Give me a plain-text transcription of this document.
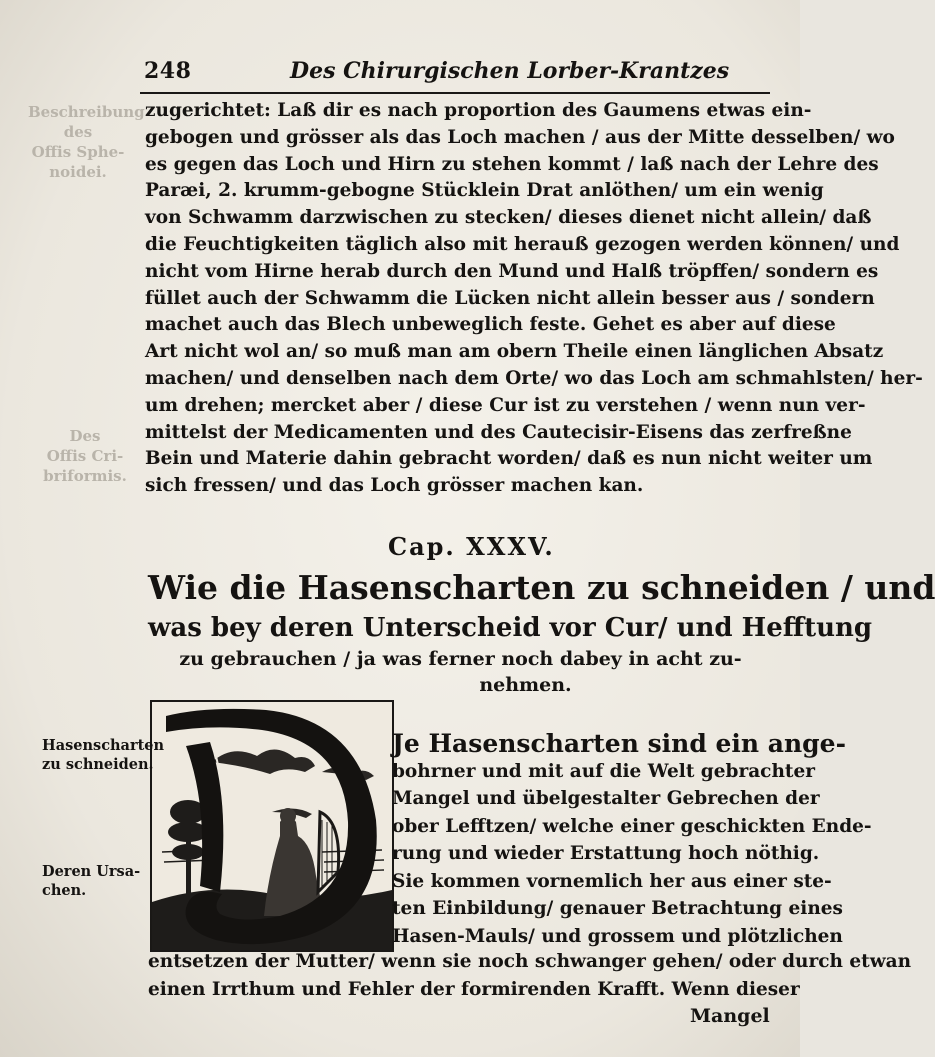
248	Des Chirurgischen Lorber-Krantzes
Beschreibung
des
Offis Sphe-
noidei.
Des
Offis Cri-
briformis.
zugerichtet: Laß dir es nach proportion des Gaumens etwas ein-
gebogen und grösser als das Loch machen / aus der Mitte desselben/ wo
es gegen das Loch und Hirn zu stehen kommt / laß nach der Lehre des
Paræi, 2. krumm-gebogne Stücklein Drat anlöthen/ um ein wenig
von Schwamm darzwischen zu stecken/ dieses dienet nicht allein/ daß
die Feuchtigkeiten täglich also mit herauß gezogen werden können/ und
nicht vom Hirne herab durch den Mund und Halß tröpffen/ sondern es
füllet auch der Schwamm die Lücken nicht allein besser aus / sondern
machet auch das Blech unbeweglich feste. Gehet es aber auf diese
Art nicht wol an/ so muß man am obern Theile einen länglichen Absatz
machen/ und denselben nach dem Orte/ wo das Loch am schmahlsten/ her-
um drehen; mercket aber / diese Cur ist zu verstehen / wenn nun ver-
mittelst der Medicamenten und des Cautecisir-Eisens das zerfreßne
Bein und Materie dahin gebracht worden/ daß es nun nicht weiter um
sich fressen/ und das Loch grösser machen kan.
Cap. XXXV.
Wie die Hasenscharten zu schneiden / und
was bey deren Unterscheid vor Cur/ und Hefftung
zu gebrauchen / ja was ferner noch dabey in acht zu-
nehmen.
Je Hasenscharten sind ein ange-
bohrner und mit auf die Welt gebrachter
Mangel und übelgestalter Gebrechen der
ober Lefftzen/ welche einer geschickten Ende-
rung und wieder Erstattung hoch nöthig.
Sie kommen vornemlich her aus einer ste-
ten Einbildung/ genauer Betrachtung eines
Hasen-Mauls/ und grossem und plötzlichen
entsetzen der Mutter/ wenn sie noch schwanger gehen/ oder durch etwan
einen Irrthum und Fehler der formirenden Krafft. Wenn dieser
Mangel
Hasenscharten
zu schneiden.
Deren Ursa-
chen.
